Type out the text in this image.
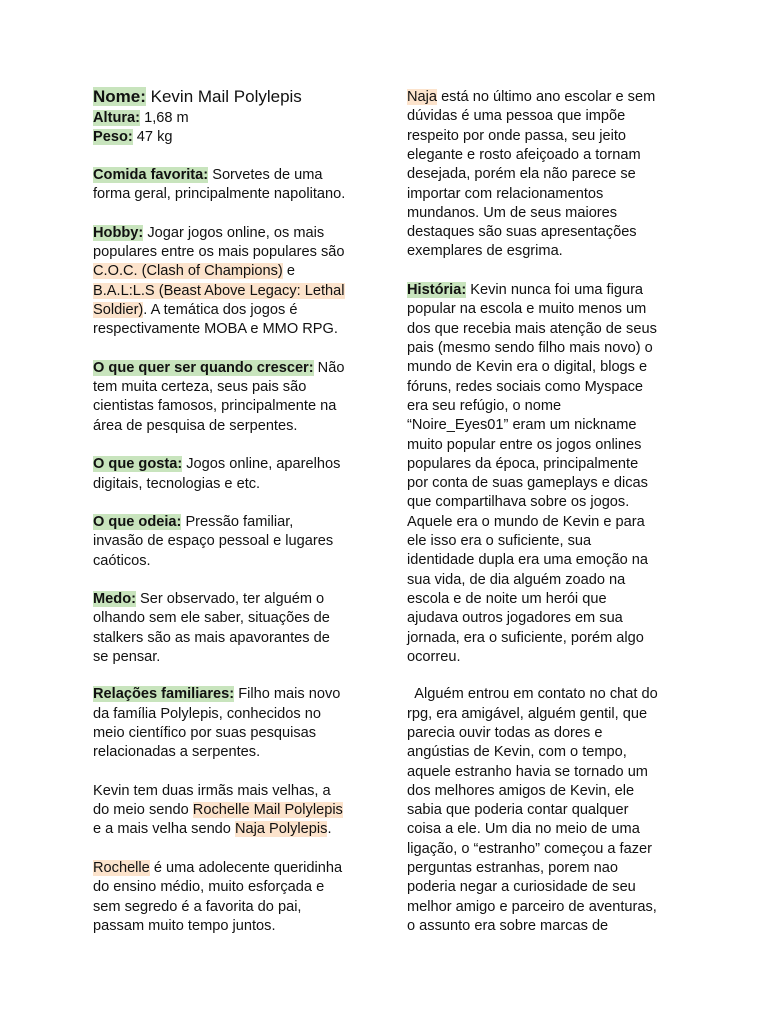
Nome: Kevin Mail Polylepis

Altura: 1,68 m

Peso: 47 kg

Comida favorita: Sorvetes de uma

forma geral, principalmente napolitano.

Hobby: Jogar jogos online, os mais

populares entre os mais populares são

C.O.C. (Clash of Champions) e

B.A.L:L.S (Beast Above Legacy: Lethal

Soldier). A temática dos jogos é

respectivamente MOBA e MMO RPG.

O que quer ser quando crescer: Não

tem muita certeza, seus pais são

cientistas famosos, principalmente na

área de pesquisa de serpentes.

O que gosta: Jogos online, aparelhos

digitais, tecnologias e etc.

O que odeia: Pressão familiar,

invasão de espaço pessoal e lugares

caóticos.

Medo: Ser observado, ter alguém o

olhando sem ele saber, situações de

stalkers são as mais apavorantes de

se pensar.

Relações familiares: Filho mais novo

da família Polylepis, conhecidos no

meio científico por suas pesquisas

relacionadas a serpentes.

Kevin tem duas irmãs mais velhas, a

do meio sendo Rochelle Mail Polylepis

e a mais velha sendo Naja Polylepis.

Rochelle é uma adolecente queridinha

do ensino médio, muito esforçada e

sem segredo é a favorita do pai,

passam muito tempo juntos.

Naja está no último ano escolar e sem

dúvidas é uma pessoa que impõe

respeito por onde passa, seu jeito

elegante e rosto afeiçoado a tornam

desejada, porém ela não parece se

importar com relacionamentos

mundanos. Um de seus maiores

destaques são suas apresentações

exemplares de esgrima.

História: Kevin nunca foi uma figura

popular na escola e muito menos um

dos que recebia mais atenção de seus

pais (mesmo sendo filho mais novo) o

mundo de Kevin era o digital, blogs e

fóruns, redes sociais como Myspace

era seu refúgio, o nome

“Noire_Eyes01” eram um nickname

muito popular entre os jogos onlines

populares da época, principalmente

por conta de suas gameplays e dicas

que compartilhava sobre os jogos.

Aquele era o mundo de Kevin e para

ele isso era o suficiente, sua

identidade dupla era uma emoção na

sua vida, de dia alguém zoado na

escola e de noite um herói que

ajudava outros jogadores em sua

jornada, era o suficiente, porém algo

ocorreu.

Alguém entrou em contato no chat do

rpg, era amigável, alguém gentil, que

parecia ouvir todas as dores e

angústias de Kevin, com o tempo,

aquele estranho havia se tornado um

dos melhores amigos de Kevin, ele

sabia que poderia contar qualquer

coisa a ele. Um dia no meio de uma

ligação, o “estranho” começou a fazer

perguntas estranhas, porem nao

poderia negar a curiosidade de seu

melhor amigo e parceiro de aventuras,

o assunto era sobre marcas de
